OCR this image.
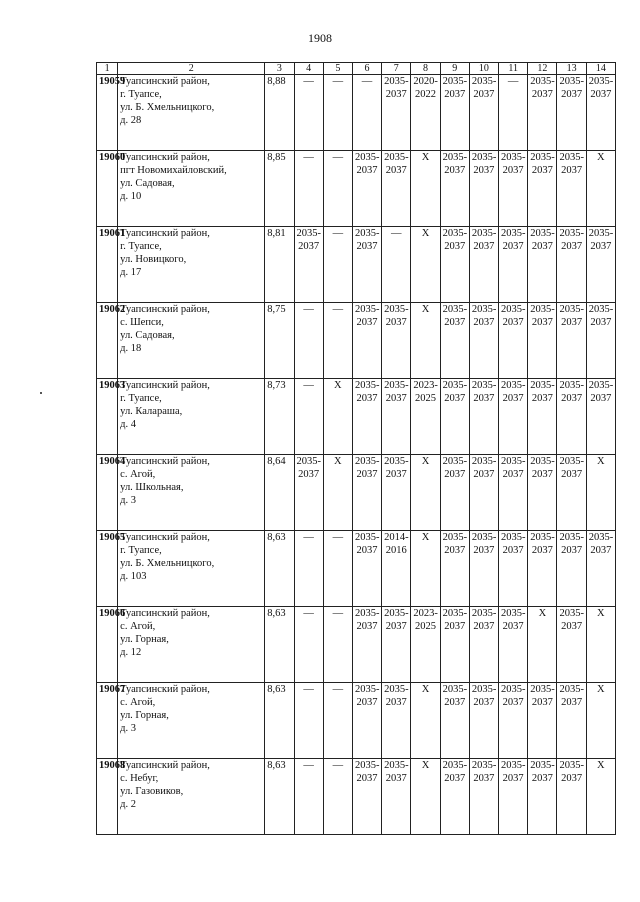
1908
1	2	3	4	5	6	7	8	9	10	11	12	13	14
19059	Туапсинский район,
г. Туапсе,
ул. Б. Хмельницкого,
д. 28	8,88	—	—	—	2035-
2037	2020-
2022	2035-
2037	2035-
2037	—	2035-
2037	2035-
2037	2035-
2037
19060	Туапсинский район,
пгт Новомихайловский,
ул. Садовая,
д. 10	8,85	—	—	2035-
2037	2035-
2037	X	2035-
2037	2035-
2037	2035-
2037	2035-
2037	2035-
2037	X
19061	Туапсинский район,
г. Туапсе,
ул. Новицкого,
д. 17	8,81	2035-
2037	—	2035-
2037	—	X	2035-
2037	2035-
2037	2035-
2037	2035-
2037	2035-
2037	2035-
2037
19062	Туапсинский район,
с. Шепси,
ул. Садовая,
д. 18	8,75	—	—	2035-
2037	2035-
2037	X	2035-
2037	2035-
2037	2035-
2037	2035-
2037	2035-
2037	2035-
2037
19063	Туапсинский район,
г. Туапсе,
ул. Калараша,
д. 4	8,73	—	X	2035-
2037	2035-
2037	2023-
2025	2035-
2037	2035-
2037	2035-
2037	2035-
2037	2035-
2037	2035-
2037
19064	Туапсинский район,
с. Агой,
ул. Школьная,
д. 3	8,64	2035-
2037	X	2035-
2037	2035-
2037	X	2035-
2037	2035-
2037	2035-
2037	2035-
2037	2035-
2037	X
19065	Туапсинский район,
г. Туапсе,
ул. Б. Хмельницкого,
д. 103	8,63	—	—	2035-
2037	2014-
2016	X	2035-
2037	2035-
2037	2035-
2037	2035-
2037	2035-
2037	2035-
2037
19066	Туапсинский район,
с. Агой,
ул. Горная,
д. 12	8,63	—	—	2035-
2037	2035-
2037	2023-
2025	2035-
2037	2035-
2037	2035-
2037	X	2035-
2037	X
19067	Туапсинский район,
с. Агой,
ул. Горная,
д. 3	8,63	—	—	2035-
2037	2035-
2037	X	2035-
2037	2035-
2037	2035-
2037	2035-
2037	2035-
2037	X
19068	Туапсинский район,
с. Небуг,
ул. Газовиков,
д. 2	8,63	—	—	2035-
2037	2035-
2037	X	2035-
2037	2035-
2037	2035-
2037	2035-
2037	2035-
2037	X
